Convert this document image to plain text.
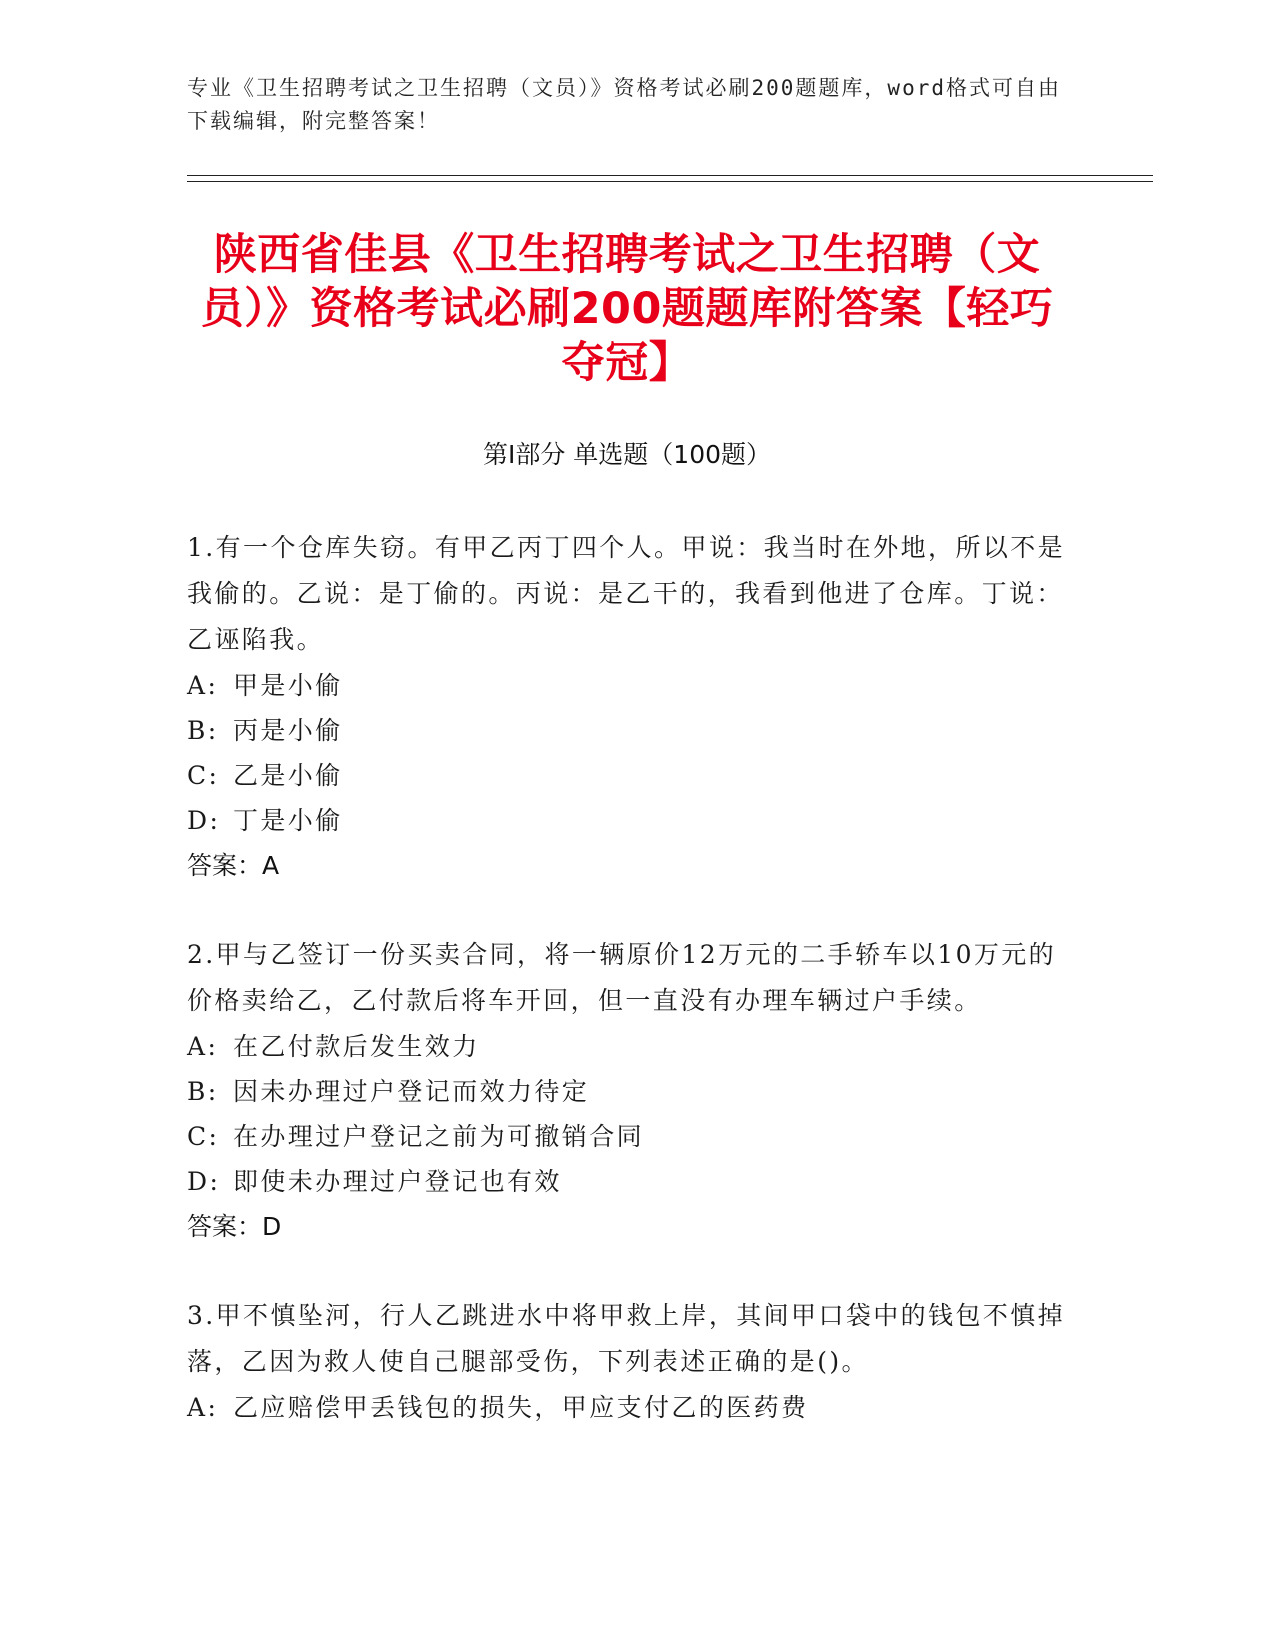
专业《卫生招聘考试之卫生招聘（文员）》资格考试必刷200题题库，word格式可自由下载编辑，附完整答案！
陕西省佳县《卫生招聘考试之卫生招聘（文员）》资格考试必刷200题题库附答案【轻巧夺冠】
第I部分 单选题（100题）

1.有一个仓库失窃。有甲乙丙丁四个人。甲说：我当时在外地，所以不是我偷的。乙说：是丁偷的。丙说：是乙干的，我看到他进了仓库。丁说：乙诬陷我。

A: 甲是小偷

B: 丙是小偷

C: 乙是小偷

D: 丁是小偷

答案：A

2.甲与乙签订一份买卖合同，将一辆原价12万元的二手轿车以10万元的价格卖给乙，乙付款后将车开回，但一直没有办理车辆过户手续。

A: 在乙付款后发生效力

B: 因未办理过户登记而效力待定

C: 在办理过户登记之前为可撤销合同

D: 即使未办理过户登记也有效

答案：D

3.甲不慎坠河，行人乙跳进水中将甲救上岸，其间甲口袋中的钱包不慎掉落，乙因为救人使自己腿部受伤，下列表述正确的是()。

A: 乙应赔偿甲丢钱包的损失，甲应支付乙的医药费
